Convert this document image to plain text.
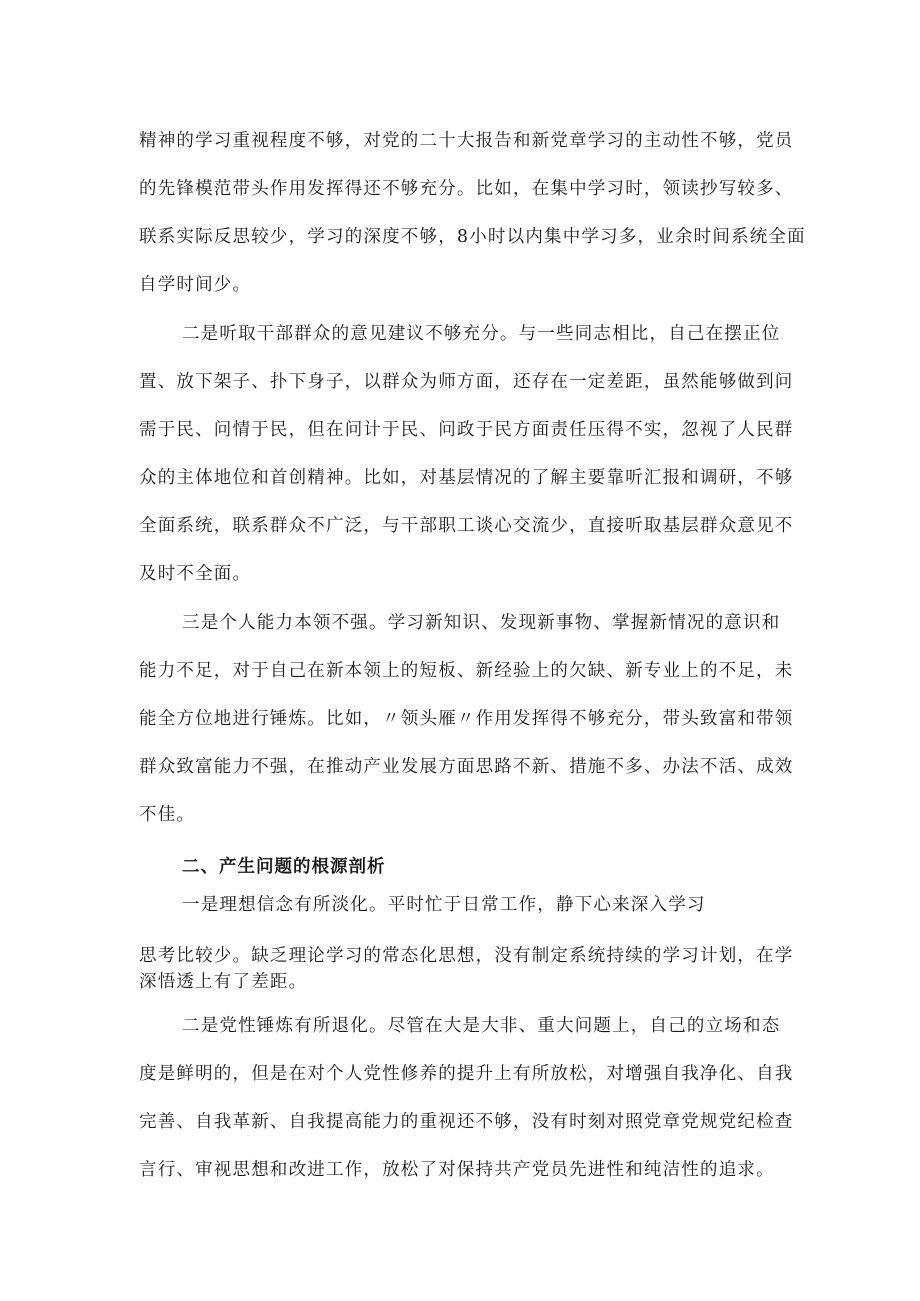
精神的学习重视程度不够，对党的二十大报告和新党章学习的主动性不够，党员
的先锋模范带头作用发挥得还不够充分。比如，在集中学习时，领读抄写较多、
联系实际反思较少，学习的深度不够，8小时以内集中学习多，业余时间系统全面
自学时间少。
二是听取干部群众的意见建议不够充分。与一些同志相比，自己在摆正位
置、放下架子、扑下身子，以群众为师方面，还存在一定差距，虽然能够做到问
需于民、问情于民，但在问计于民、问政于民方面责任压得不实，忽视了人民群
众的主体地位和首创精神。比如，对基层情况的了解主要靠听汇报和调研，不够
全面系统，联系群众不广泛，与干部职工谈心交流少，直接听取基层群众意见不
及时不全面。
三是个人能力本领不强。学习新知识、发现新事物、掌握新情况的意识和
能力不足，对于自己在新本领上的短板、新经验上的欠缺、新专业上的不足，未
能全方位地进行锤炼。比如，〃领头雁〃作用发挥得不够充分，带头致富和带领
群众致富能力不强，在推动产业发展方面思路不新、措施不多、办法不活、成效
不佳。
二、产生问题的根源剖析
一是理想信念有所淡化。平时忙于日常工作，静下心来深入学习
思考比较少。缺乏理论学习的常态化思想，没有制定系统持续的学习计划，在学
深悟透上有了差距。
二是党性锤炼有所退化。尽管在大是大非、重大问题上，自己的立场和态
度是鲜明的，但是在对个人党性修养的提升上有所放松，对增强自我净化、自我
完善、自我革新、自我提高能力的重视还不够，没有时刻对照党章党规党纪检查
言行、审视思想和改进工作，放松了对保持共产党员先进性和纯洁性的追求。
